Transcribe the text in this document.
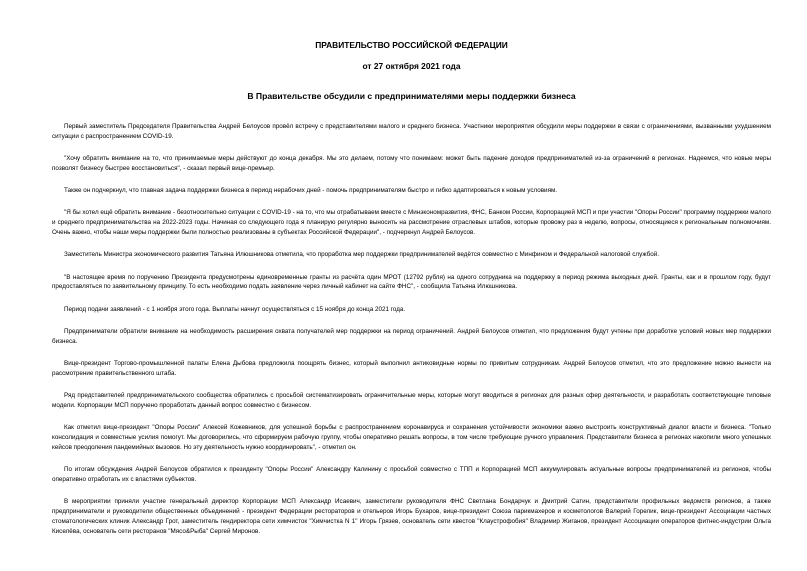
ПРАВИТЕЛЬСТВО РОССИЙСКОЙ ФЕДЕРАЦИИ

от 27 октября 2021 года

В Правительстве обсудили с предпринимателями меры поддержки бизнеса

Первый заместитель Председателя Правительства Андрей Белоусов провёл встречу с представителями малого и среднего бизнеса. Участники мероприятия обсудили меры поддержки в связи с ограничениями, вызванными ухудшением ситуации с распространением COVID-19.

"Хочу обратить внимание на то, что принимаемые меры действуют до конца декабря. Мы это делаем, потому что понимаем: может быть падение доходов предпринимателей из-за ограничений в регионах. Надеемся, что новые меры позволят бизнесу быстрее восстановиться", - сказал первый вице-премьер.

Также он подчеркнул, что главная задача поддержки бизнеса в период нерабочих дней - помочь предпринимателям быстро и гибко адаптироваться к новым условиям.

"Я бы хотел ещё обратить внимание - безотносительно ситуации с COVID-19 - на то, что мы отрабатываем вместе с Минэкономразвития, ФНС, Банком России, Корпорацией МСП и при участии "Опоры России" программу поддержки малого и среднего предпринимательства на 2022-2023 годы. Начиная со следующего года я планирую регулярно выносить на рассмотрение отраслевых штабов, которые провожу раз в неделю, вопросы, относящиеся к региональным полномочиям. Очень важно, чтобы наши меры поддержки были полностью реализованы в субъектах Российской Федерации", - подчеркнул Андрей Белоусов.

Заместитель Министра экономического развития Татьяна Илюшникова отметила, что проработка мер поддержки предпринимателей ведётся совместно с Минфином и Федеральной налоговой службой.

"В настоящее время по поручению Президента предусмотрены единовременные гранты из расчёта один МРОТ (12792 рубля) на одного сотрудника на поддержку в период режима выходных дней. Гранты, как и в прошлом году, будут предоставляться по заявительному принципу. То есть необходимо подать заявление через личный кабинет на сайте ФНС", - сообщила Татьяна Илюшникова.

Период подачи заявлений - с 1 ноября этого года. Выплаты начнут осуществляться с 15 ноября до конца 2021 года.

Предприниматели обратили внимание на необходимость расширения охвата получателей мер поддержки на период ограничений. Андрей Белоусов отметил, что предложения будут учтены при доработке условий новых мер поддержки бизнеса.

Вице-президент Торгово-промышленной палаты Елена Дыбова предложила поощрять бизнес, который выполнил антиковидные нормы по привитым сотрудникам. Андрей Белоусов отметил, что это предложение можно вынести на рассмотрение правительственного штаба.

Ряд представителей предпринимательского сообщества обратились с просьбой систематизировать ограничительные меры, которые могут вводиться в регионах для разных сфер деятельности, и разработать соответствующие типовые модели. Корпорации МСП поручено проработать данный вопрос совместно с бизнесом.

Как отметил вице-президент "Опоры России" Алексей Кожевников, для успешной борьбы с распространением коронавируса и сохранения устойчивости экономики важно выстроить конструктивный диалог власти и бизнеса. "Только консолидация и совместные усилия помогут. Мы договорились, что сформируем рабочую группу, чтобы оперативно решать вопросы, в том числе требующие ручного управления. Представители бизнеса в регионах накопили много успешных кейсов преодоления пандемийных вызовов. Но эту деятельность нужно координировать", - отметил он.

По итогам обсуждения Андрей Белоусов обратился к президенту "Опоры России" Александру Калинину с просьбой совместно с ТПП и Корпорацией МСП аккумулировать актуальные вопросы предпринимателей из регионов, чтобы оперативно отработать их с властями субъектов.

В мероприятии приняли участие генеральный директор Корпорации МСП Александр Исаевич, заместители руководителя ФНС Светлана Бондарчук и Дмитрий Сатин, представители профильных ведомств регионов, а также предприниматели и руководители общественных объединений - президент Федерации рестораторов и отельеров Игорь Бухаров, вице-президент Союза парикмахеров и косметологов Валерий Горелик, вице-президент Ассоциации частных стоматологических клиник Александр Грот, заместитель гендиректора сети химчисток "Химчистка N 1" Игорь Грязев, основатель сети квестов "Клаустрофобия" Владимир Жиганов, президент Ассоциации операторов фитнес-индустрии Ольга Киселёва, основатель сети ресторанов "Мясо&Рыба" Сергей Миронов.
